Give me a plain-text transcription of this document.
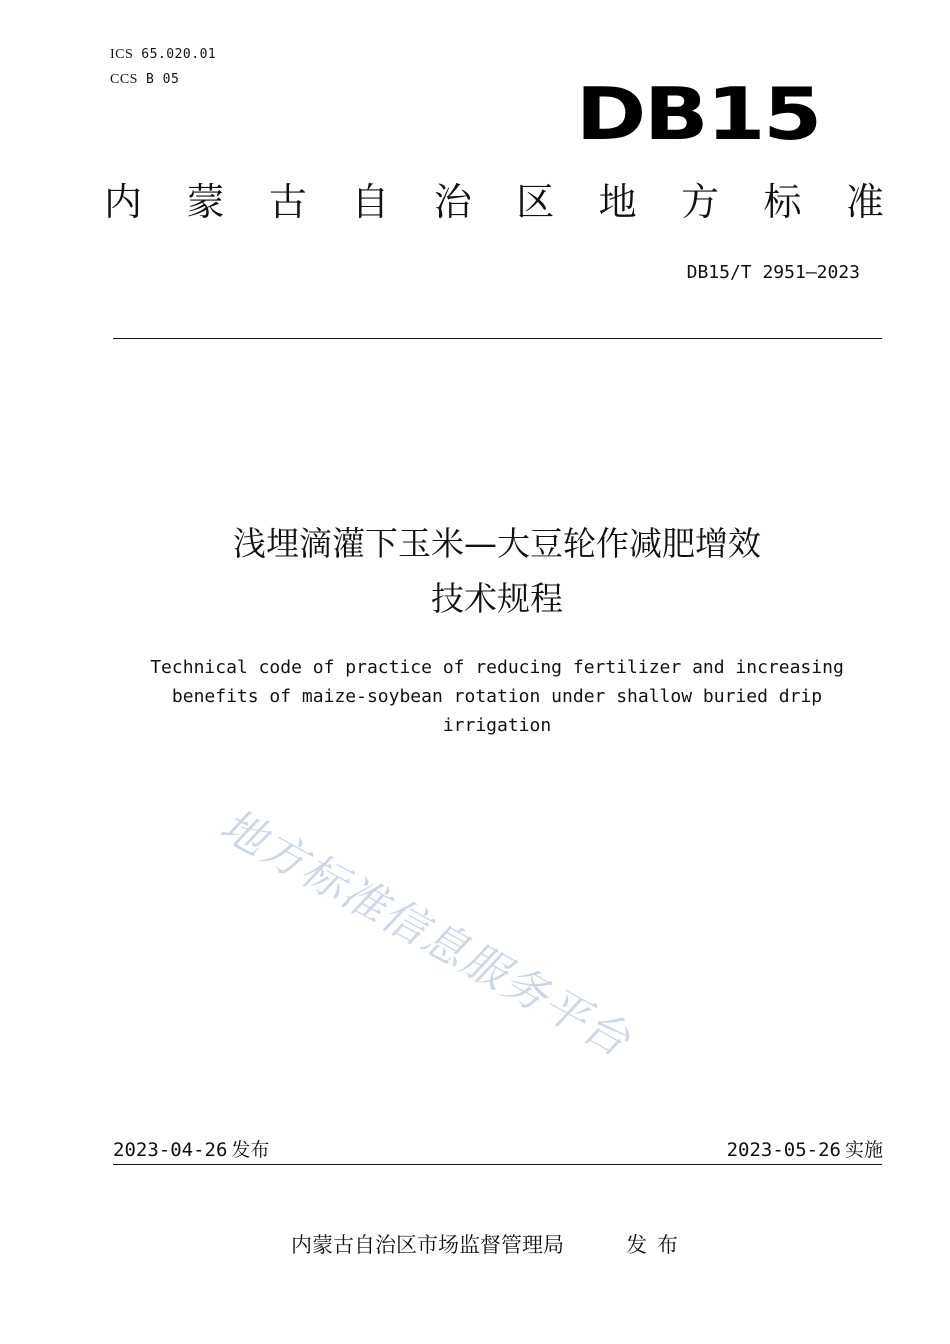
ICS 65.020.01
CCS B 05	DB15
内 蒙 古 自 治 区 地 方 标 准
DB15/T 2951—2023
浅埋滴灌下玉米—大豆轮作减肥增效
技术规程
Technical code of practice of reducing fertilizer and increasing
benefits of maize-soybean rotation under shallow buried drip
irrigation
地方标准信息服务平台
2023-04-26 发布	2023-05-26 实施
内蒙古自治区市场监督管理局	发布
